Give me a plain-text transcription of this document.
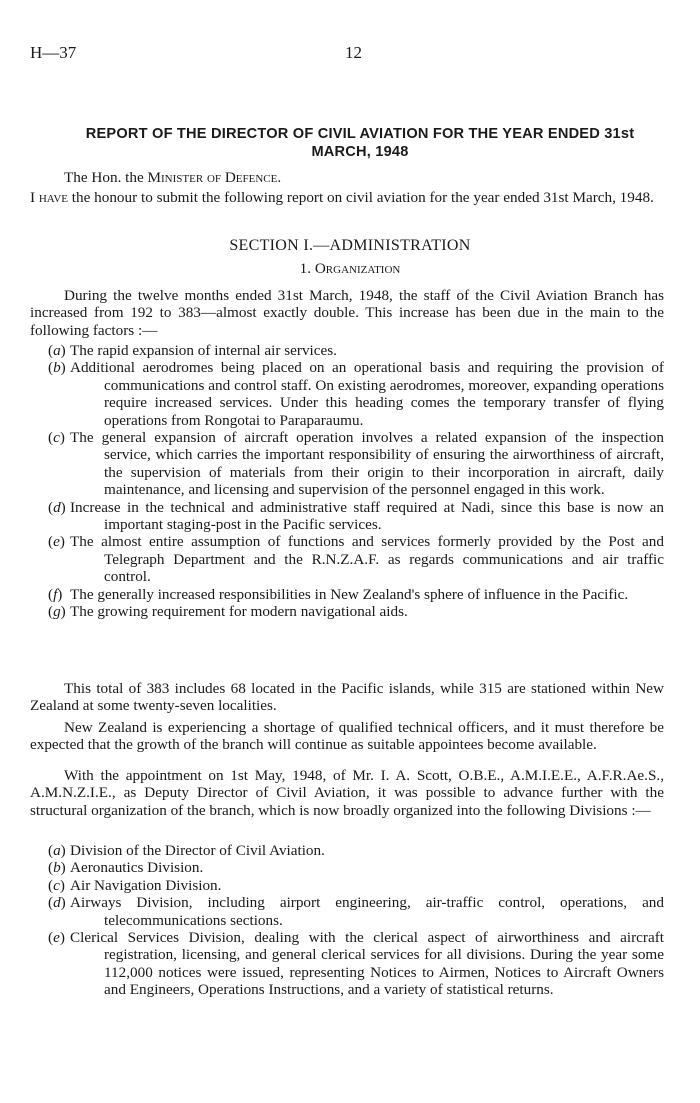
H—37	12
REPORT OF THE DIRECTOR OF CIVIL AVIATION FOR THE YEAR ENDED 31st MARCH, 1948
The Hon. the Minister of Defence.
I have the honour to submit the following report on civil aviation for the year ended 31st March, 1948.
SECTION I.—ADMINISTRATION
1. Organization
During the twelve months ended 31st March, 1948, the staff of the Civil Aviation Branch has increased from 192 to 383—almost exactly double. This increase has been due in the main to the following factors :—
(a) The rapid expansion of internal air services.
(b) Additional aerodromes being placed on an operational basis and requiring the provision of communications and control staff. On existing aerodromes, moreover, expanding operations require increased services. Under this heading comes the temporary transfer of flying operations from Rongotai to Paraparaumu.
(c) The general expansion of aircraft operation involves a related expansion of the inspection service, which carries the important responsibility of ensuring the airworthiness of aircraft, the supervision of materials from their origin to their incorporation in aircraft, daily maintenance, and licensing and supervision of the personnel engaged in this work.
(d) Increase in the technical and administrative staff required at Nadi, since this base is now an important staging-post in the Pacific services.
(e) The almost entire assumption of functions and services formerly provided by the Post and Telegraph Department and the R.N.Z.A.F. as regards communications and air traffic control.
(f) The generally increased responsibilities in New Zealand's sphere of influence in the Pacific.
(g) The growing requirement for modern navigational aids.
This total of 383 includes 68 located in the Pacific islands, while 315 are stationed within New Zealand at some twenty-seven localities.
New Zealand is experiencing a shortage of qualified technical officers, and it must therefore be expected that the growth of the branch will continue as suitable appointees become available.
With the appointment on 1st May, 1948, of Mr. I. A. Scott, O.B.E., A.M.I.E.E., A.F.R.Ae.S., A.M.N.Z.I.E., as Deputy Director of Civil Aviation, it was possible to advance further with the structural organization of the branch, which is now broadly organized into the following Divisions :—
(a) Division of the Director of Civil Aviation.
(b) Aeronautics Division.
(c) Air Navigation Division.
(d) Airways Division, including airport engineering, air-traffic control, operations, and telecommunications sections.
(e) Clerical Services Division, dealing with the clerical aspect of airworthiness and aircraft registration, licensing, and general clerical services for all divisions. During the year some 112,000 notices were issued, representing Notices to Airmen, Notices to Aircraft Owners and Engineers, Operations Instructions, and a variety of statistical returns.
